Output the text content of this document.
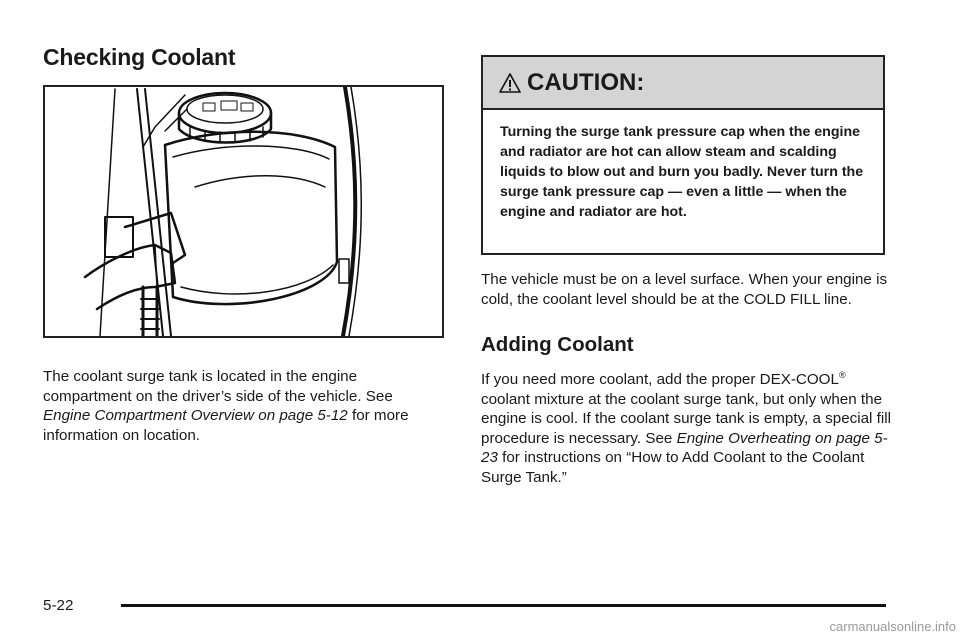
Checking Coolant

The coolant surge tank is located in the engine compartment on the driver’s side of the vehicle. See Engine Compartment Overview on page 5-12 for more information on location.

CAUTION:

Turning the surge tank pressure cap when the engine and radiator are hot can allow steam and scalding liquids to blow out and burn you badly. Never turn the surge tank pressure cap — even a little — when the engine and radiator are hot.

The vehicle must be on a level surface. When your engine is cold, the coolant level should be at the COLD FILL line.

Adding Coolant

If you need more coolant, add the proper DEX-COOL® coolant mixture at the coolant surge tank, but only when the engine is cool. If the coolant surge tank is empty, a special fill procedure is necessary. See Engine Overheating on page 5-23 for instructions on “How to Add Coolant to the Coolant Surge Tank.”

5-22
carmanualsonline.info
